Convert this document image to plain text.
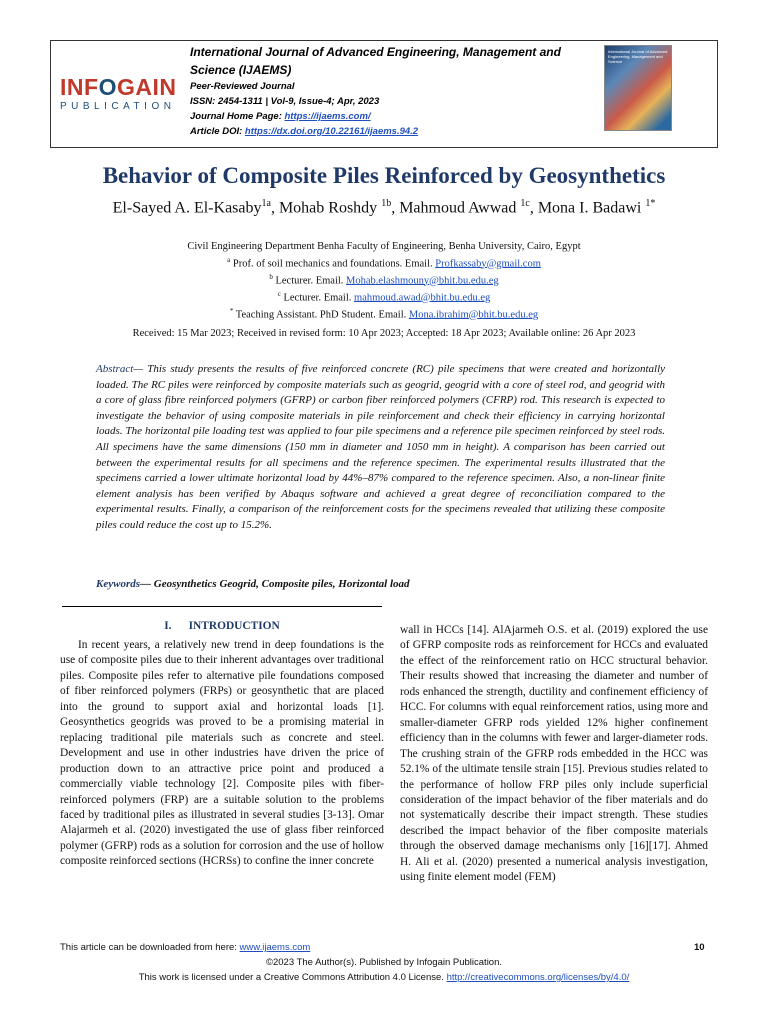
INFOGAIN
PUBLICATION
International Journal of Advanced Engineering, Management and Science (IJAEMS)
Peer-Reviewed Journal
ISSN: 2454-1311 | Vol-9, Issue-4; Apr, 2023
Journal Home Page: https://ijaems.com/
Article DOI: https://dx.doi.org/10.22161/ijaems.94.2
International Journal of Advanced Engineering, Management and Science
Behavior of Composite Piles Reinforced by Geosynthetics
El-Sayed A. El-Kasaby$^{1a}$, Mohab Roshdy $^{1b}$, Mahmoud Awwad $^{1c}$, Mona I. Badawi $^{1*}$
Civil Engineering Department Benha Faculty of Engineering, Benha University, Cairo, Egypt
$^a$ Prof. of soil mechanics and foundations. Email. Profkassaby@gmail.com
$^b$ Lecturer. Email. Mohab.elashmouny@bhit.bu.edu.eg
$^c$ Lecturer. Email. mahmoud.awad@bhit.bu.edu.eg
* Teaching Assistant. PhD Student. Email. Mona.ibrahim@bhit.bu.edu.eg
Received: 15 Mar 2023; Received in revised form: 10 Apr 2023; Accepted: 18 Apr 2023; Available online: 26 Apr 2023
Abstract— This study presents the results of five reinforced concrete (RC) pile specimens that were created and horizontally loaded. The RC piles were reinforced by composite materials such as geogrid, geogrid with a core of steel rod, and geogrid with a core of glass fibre reinforced polymers (GFRP) or carbon fiber reinforced polymers (CFRP) rod. This research is expected to investigate the behavior of using composite materials in pile reinforcement and check their efficiency in carrying horizontal loads. The horizontal pile loading test was applied to four pile specimens and a reference pile specimen reinforced by steel rods. All specimens have the same dimensions (150 mm in diameter and 1050 mm in height). A comparison has been carried out between the experimental results for all specimens and the reference specimen. The experimental results illustrated that the specimens carried a lower ultimate horizontal load by 44%–87% compared to the reference specimen. Also, a non-linear finite element analysis has been verified by Abaqus software and achieved a great degree of reconciliation compared to the experimental results. Finally, a comparison of the reinforcement costs for the specimens revealed that utilizing these composite piles could reduce the cost up to 15.2%.
Keywords— Geosynthetics Geogrid, Composite piles, Horizontal load
I.      INTRODUCTION
In recent years, a relatively new trend in deep foundations is the use of composite piles due to their inherent advantages over traditional piles. Composite piles refer to alternative pile foundations composed of fiber reinforced polymers (FRPs) or geosynthetic that are placed into the ground to support axial and horizontal loads [1]. Geosynthetics geogrids was proved to be a promising material in replacing traditional pile materials such as concrete and steel. Development and use in other industries have driven the price of production down to an attractive price point and produced a commercially viable technology [2]. Composite piles with fiber-reinforced polymers (FRP) are a suitable solution to the problems faced by traditional piles as illustrated in several studies [3-13]. Omar Alajarmeh et al. (2020) investigated the use of glass fiber reinforced polymer (GFRP) rods as a solution for corrosion and the use of hollow composite reinforced sections (HCRSs) to confine the inner concrete
wall in HCCs [14]. AlAjarmeh O.S. et al. (2019) explored the use of GFRP composite rods as reinforcement for HCCs and evaluated the effect of the reinforcement ratio on HCC structural behavior. Their results showed that increasing the diameter and number of rods enhanced the strength, ductility and confinement efficiency of HCC. For columns with equal reinforcement ratios, using more and smaller-diameter GFRP rods yielded 12% higher confinement efficiency than in the columns with fewer and larger-diameter rods. The crushing strain of the GFRP rods embedded in the HCC was 52.1% of the ultimate tensile strain [15]. Previous studies related to the performance of hollow FRP piles only include superficial consideration of the impact behavior of the fiber materials and do not systematically describe their impact strength. These studies described the impact behavior of the fiber composite materials through the observed damage mechanisms only [16][17]. Ahmed H. Ali et al. (2020) presented a numerical analysis investigation, using finite element model (FEM)
This article can be downloaded from here: www.ijaems.com	10
©2023 The Author(s). Published by Infogain Publication.
This work is licensed under a Creative Commons Attribution 4.0 License. http://creativecommons.org/licenses/by/4.0/
